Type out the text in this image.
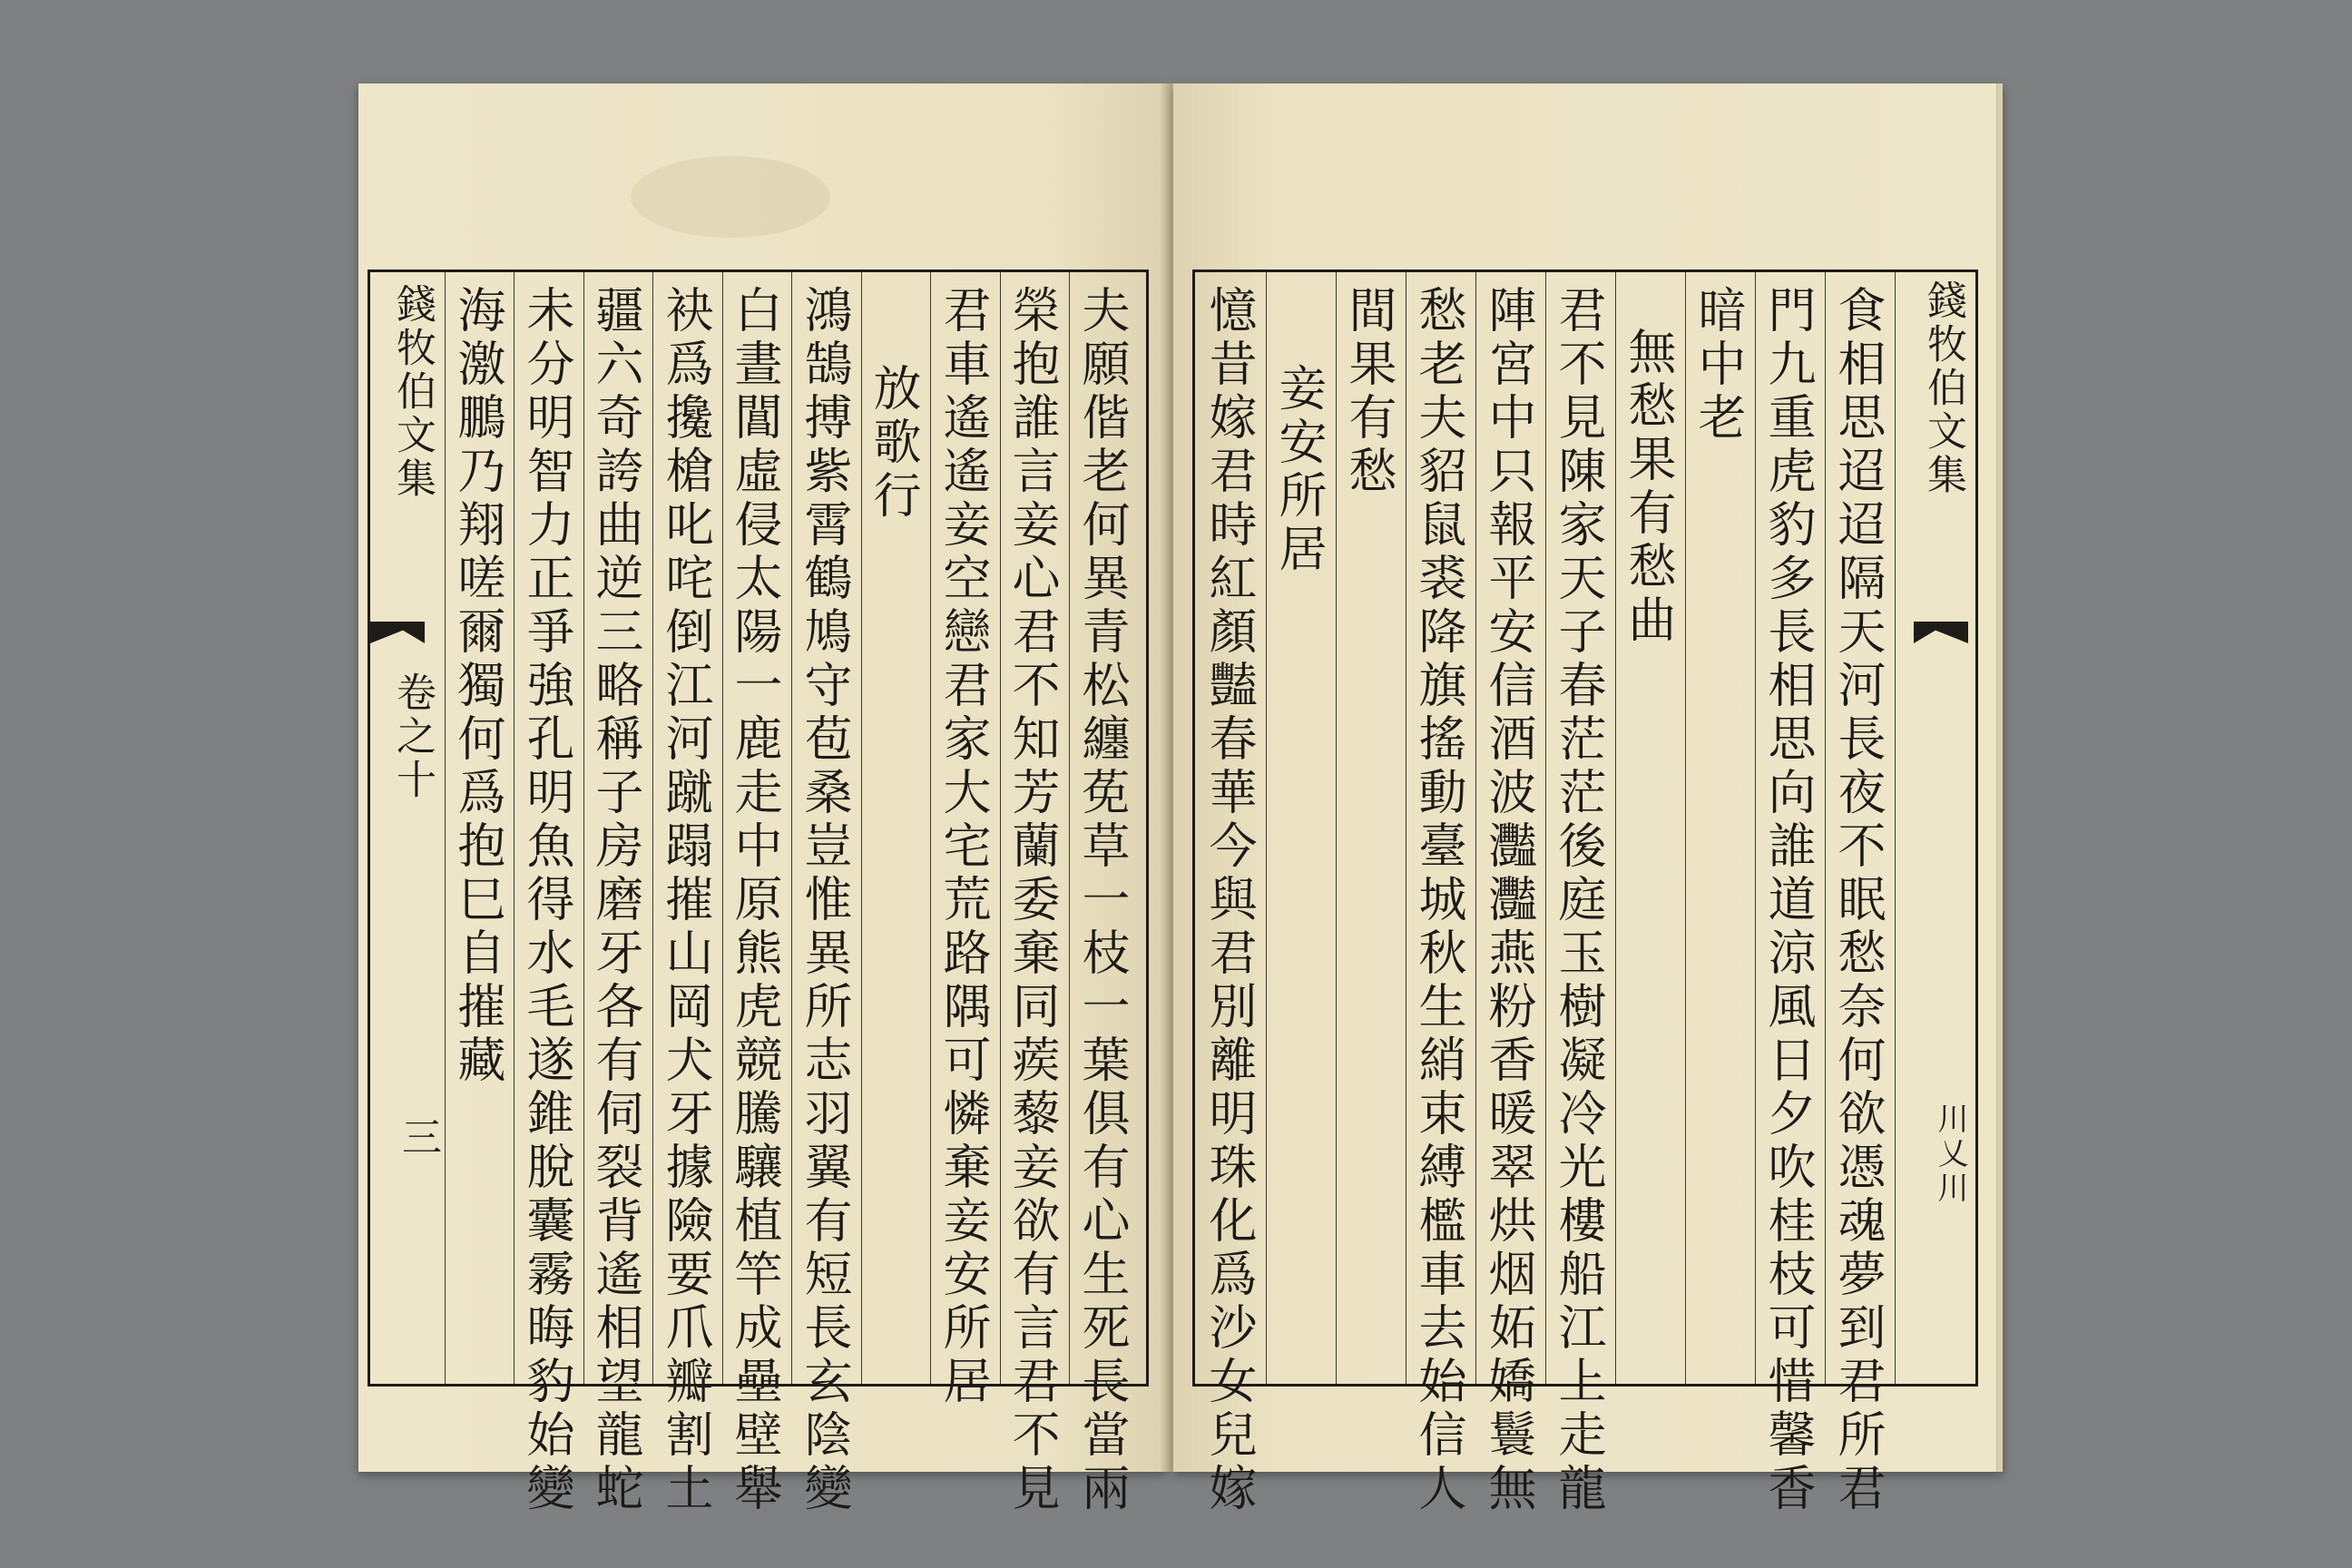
夫願偕老何異青松纏莬草一枝一葉俱有心生死長當兩
榮抱誰言妾心君不知芳蘭委棄同蒺藜妾欲有言君不見
君車遙遙妾空戀君家大宅荒路隅可憐棄妾安所居
放歌行
鴻鵠搏紫霄鶴鳩守苞桑豈惟異所志羽翼有短長玄陰變
白晝閶虛侵太陽一鹿走中原熊虎競騰驤植竿成壘壁舉
袂爲攙槍叱咤倒江河蹴蹋摧山岡犬牙據險要爪瓣割土
疆六奇誇曲逆三略稱子房磨牙各有伺裂背遙相望龍蛇
未分明智力正爭強孔明魚得水毛遂錐脫囊霧晦豹始變
海激鵬乃翔嗟爾獨何爲抱巳自摧藏
錢牧伯文集
卷之十
三
錢牧伯文集
川乂川
食相思迢迢隔天河長夜不眠愁奈何欲憑魂夢到君所君
門九重虎豹多長相思向誰道涼風日夕吹桂枝可惜馨香
暗中老
無愁果有愁曲
君不見陳家天子春茫茫後庭玉樹凝冷光樓船江上走龍
陣宮中只報平安信酒波灩灩燕粉香暖翠烘烟妬嬌鬟無
愁老夫貂鼠裘降旗搖動臺城秋生綃束縛檻車去始信人
間果有愁
妾安所居
憶昔嫁君時紅顏豔春華今與君別離明珠化爲沙女兒嫁
